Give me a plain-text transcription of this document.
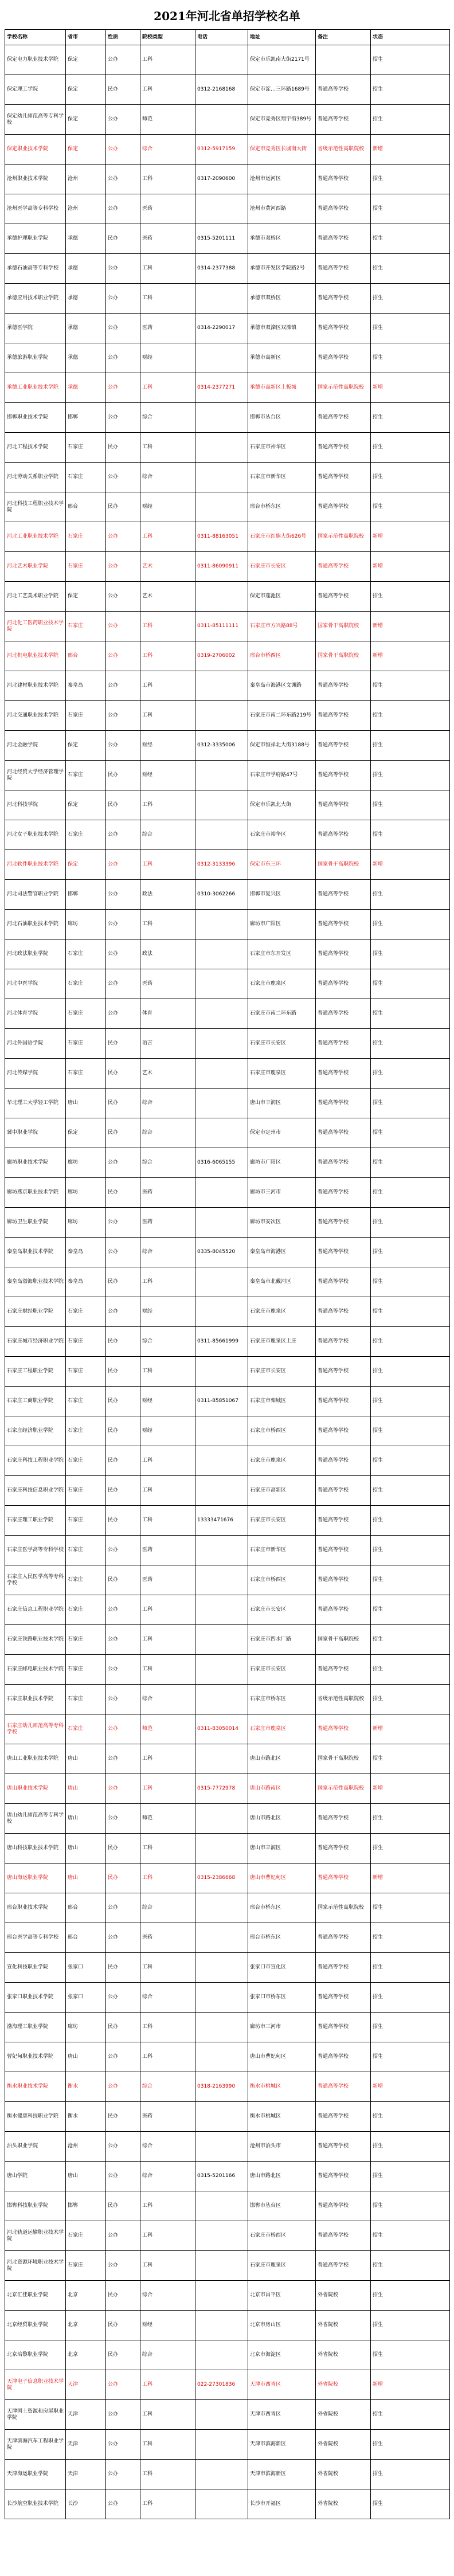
2021年河北省单招学校名单
学校名称	省市	性质	院校类型	电话	地址	备注	状态
保定电力职业技术学院	保定	公办	工科		保定市乐凯南大街2171号		招生
保定理工学院	保定	民办	工科	0312-2168168	保定市淀…三环路1689号	普通高等学校	招生
保定幼儿师范高等专科学校	保定	公办	师范		保定市竞秀区翔宇街389号	普通高等学校	招生
保定职业技术学院	保定	公办	综合	0312-5917159	保定市竞秀区长城南大街	省级示范性高职院校	新增
沧州职业技术学院	沧州	公办	工科	0317-2090600	沧州市运河区	普通高等学校	招生
沧州医学高等专科学校	沧州	公办	医药		沧州市黄河西路	普通高等学校	招生
承德护理职业学院	承德	民办	医药	0315-5201111	承德市双桥区	普通高等学校	招生
承德石油高等专科学校	承德	公办	工科	0314-2377388	承德市开发区学院路2号	普通高等学校	招生
承德应用技术职业学院	承德	公办	工科		承德市双桥区	普通高等学校	招生
承德医学院	承德	公办	医药	0314-2290017	承德市双滦区双滦镇	普通高等学校	招生
承德旅游职业学院	承德	公办	财经		承德市高新区	普通高等学校	招生
承德工业职业技术学院	承德	公办	工科	0314-2377271	承德市高新区上板城	国家示范性高职院校	新增
邯郸职业技术学院	邯郸	公办	综合		邯郸市丛台区	普通高等学校	招生
河北工程技术学院	石家庄	民办	工科		石家庄市裕华区	普通高等学校	招生
河北劳动关系职业学院	石家庄	公办	综合		石家庄市新华区	普通高等学校	招生
河北科技工程职业技术学院	邢台	民办	财经		邢台市桥东区	普通高等学校	招生
河北工业职业技术学院	石家庄	公办	工科	0311-88163051	石家庄市红旗大街626号	国家示范性高职院校	新增
河北艺术职业学院	石家庄	公办	艺术	0311-86090911	石家庄市长安区	普通高等学校	新增
河北工艺美术职业学院	保定	公办	艺术		保定市莲池区	普通高等学校	招生
河北化工医药职业技术学院	石家庄	公办	工科	0311-85111111	石家庄市方兴路88号	国家骨干高职院校	新增
河北机电职业技术学院	邢台	公办	工科	0319-2706002	邢台市桥西区	国家骨干高职院校	新增
河北建材职业技术学院	秦皇岛	公办	工科		秦皇岛市海港区文渊路	普通高等学校	招生
河北交通职业技术学院	石家庄	公办	工科		石家庄市南二环东路219号	普通高等学校	招生
河北金融学院	保定	公办	财经	0312-3335006	保定市恒祥北大街3188号	普通高等学校	招生
河北经贸大学经济管理学院	石家庄	民办	财经		石家庄市学府路47号	普通高等学校	招生
河北科技学院	保定	民办	工科		保定市乐凯北大街	普通高等学校	招生
河北女子职业技术学院	石家庄	公办	综合		石家庄市裕华区	普通高等学校	招生
河北软件职业技术学院	保定	公办	工科	0312-3133396	保定市东三环	国家骨干高职院校	新增
河北司法警官职业学院	邯郸	公办	政法	0310-3062266	邯郸市复兴区	普通高等学校	招生
河北石油职业技术学院	廊坊	公办	工科		廊坊市广阳区	普通高等学校	招生
河北政法职业学院	石家庄	公办	政法		石家庄市东开发区	普通高等学校	招生
河北中医学院	石家庄	公办	医药		石家庄市鹿泉区	普通高等学校	招生
河北体育学院	石家庄	公办	体育		石家庄市南二环东路	普通高等学校	招生
河北外国语学院	石家庄	民办	语言		石家庄市长安区	普通高等学校	招生
河北传媒学院	石家庄	民办	艺术		石家庄市鹿泉区	普通高等学校	招生
华北理工大学轻工学院	唐山	民办	综合		唐山市丰润区	普通高等学校	招生
冀中职业学院	保定	民办	综合		保定市定州市	普通高等学校	招生
廊坊职业技术学院	廊坊	公办	综合	0316-6065155	廊坊市广阳区	普通高等学校	招生
廊坊燕京职业技术学院	廊坊	民办	医药		廊坊市三河市	普通高等学校	招生
廊坊卫生职业学院	廊坊	公办	医药		廊坊市安次区	普通高等学校	招生
秦皇岛职业技术学院	秦皇岛	公办	综合	0335-8045520	秦皇岛市海港区	普通高等学校	招生
秦皇岛渤海职业技术学院	秦皇岛	民办	工科		秦皇岛市北戴河区	普通高等学校	招生
石家庄财经职业学院	石家庄	公办	财经		石家庄市鹿泉区	普通高等学校	招生
石家庄城市经济职业学院	石家庄	民办	综合	0311-85661999	石家庄市鹿泉区上庄	普通高等学校	招生
石家庄工程职业学院	石家庄	民办	工科		石家庄市长安区	普通高等学校	招生
石家庄工商职业学院	石家庄	民办	财经	0311-85851067	石家庄市栾城区	普通高等学校	招生
石家庄经济职业学院	石家庄	民办	财经		石家庄市桥西区	普通高等学校	招生
石家庄科技工程职业学院	石家庄	民办	工科		石家庄市鹿泉区	普通高等学校	招生
石家庄科技信息职业学院	石家庄	民办	工科		石家庄市高新区	普通高等学校	招生
石家庄理工职业学院	石家庄	民办	工科	13333471676	石家庄市长安区	普通高等学校	招生
石家庄医学高等专科学校	石家庄	公办	医药		石家庄市新华区	普通高等学校	招生
石家庄人民医学高等专科学校	石家庄	民办	医药		石家庄市桥西区	普通高等学校	招生
石家庄信息工程职业学院	石家庄	公办	工科		石家庄市长安区	普通高等学校	招生
石家庄铁路职业技术学院	石家庄	公办	工科		石家庄市四水厂路	国家骨干高职院校	招生
石家庄邮电职业技术学院	石家庄	公办	工科		石家庄市长安区	普通高等学校	招生
石家庄职业技术学院	石家庄	公办	综合		石家庄市桥东区	省级示范性高职院校	招生
石家庄幼儿师范高等专科学校	石家庄	公办	师范	0311-83050014	石家庄市鹿泉区	普通高等学校	新增
唐山工业职业技术学院	唐山	公办	工科		唐山市路北区	国家骨干高职院校	招生
唐山职业技术学院	唐山	公办	工科	0315-7772978	唐山市路南区	国家示范性高职院校	新增
唐山幼儿师范高等专科学校	唐山	公办	师范		唐山市路北区	普通高等学校	招生
唐山科技职业技术学院	唐山	民办	工科		唐山市丰润区	普通高等学校	招生
唐山海运职业学院	唐山	民办	工科	0315-2386668	唐山市曹妃甸区	普通高等学校	新增
邢台职业技术学院	邢台	公办	综合		邢台市桥东区	国家示范性高职院校	招生
邢台医学高等专科学校	邢台	公办	医药		邢台市桥东区	普通高等学校	招生
宣化科技职业学院	张家口	民办	工科		张家口市宣化区	普通高等学校	招生
张家口职业技术学院	张家口	公办	综合		张家口市桥东区	普通高等学校	招生
渤海理工职业学院	廊坊	民办	工科		廊坊市三河市	普通高等学校	招生
曹妃甸职业技术学院	唐山	公办	工科		唐山市曹妃甸区	普通高等学校	招生
衡水职业技术学院	衡水	公办	综合	0318-2163990	衡水市桃城区	普通高等学校	新增
衡水健康科技职业学院	衡水	民办	医药		衡水市桃城区	普通高等学校	招生
泊头职业学院	沧州	公办	综合		沧州市泊头市	普通高等学校	招生
唐山学院	唐山	公办	综合	0315-5201166	唐山市路北区	普通高等学校	招生
邯郸科技职业学院	邯郸	民办	工科		邯郸市丛台区	普通高等学校	招生
河北轨道运输职业技术学院	石家庄	公办	工科		石家庄市桥西区	普通高等学校	招生
河北资源环境职业技术学院	石家庄	公办	工科		石家庄市鹿泉区	普通高等学校	招生
北京汇佳职业学院	北京	民办	综合		北京市昌平区	外省院校	招生
北京经贸职业学院	北京	民办	财经		北京市房山区	外省院校	招生
北京培黎职业学院	北京	民办	综合		北京市海淀区	外省院校	招生
天津电子信息职业技术学院	天津	公办	工科	022-27301836	天津市西青区	外省院校	新增
天津国土资源和房屋职业学院	天津	公办	工科		天津市西青区	外省院校	招生
天津滨海汽车工程职业学院	天津	公办	工科		天津市滨海新区	外省院校	招生
天津海运职业学院	天津	公办	工科		天津市滨海新区	外省院校	招生
长沙航空职业技术学院	长沙	公办	工科		长沙市开福区	外省院校	招生
